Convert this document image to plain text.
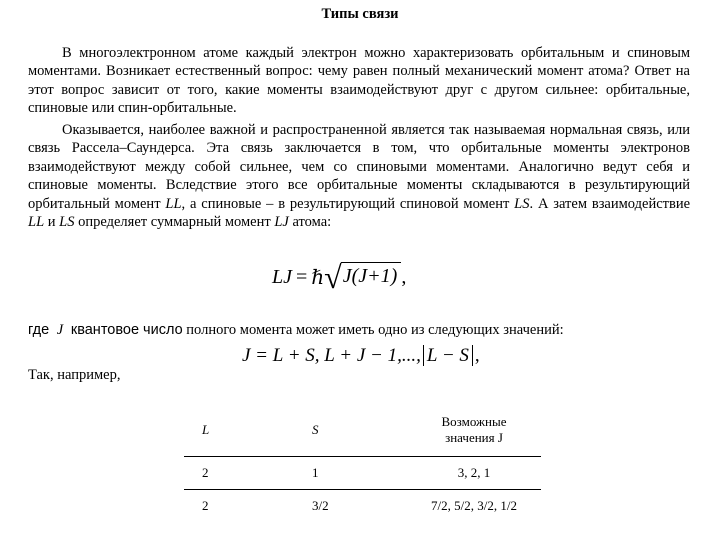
Типы связи
В многоэлектронном атоме каждый электрон можно характеризовать орбитальным и спиновым моментами. Возникает естественный вопрос: чему равен полный механический момент атома? Ответ на этот вопрос зависит от того, какие моменты взаимодействуют друг с другом сильнее: орбитальные, спиновые или спин-орбитальные.
Оказывается, наиболее важной и распространенной является так называемая нормальная связь, или связь Рассела–Саундерса. Эта связь заключается в том, что орбитальные моменты электронов взаимодействуют между собой сильнее, чем со спиновыми моментами. Аналогично ведут себя и спиновые моменты. Вследствие этого все орбитальные моменты складываются в результирующий орбитальный момент LL, а спиновые – в результирующий спиновой момент LS. А затем взаимодействие LL и LS определяет суммарный момент LJ атома:
LJ = ℏ √ J(J+1) ,
где J квантовое число полного момента может иметь одно из следующих значений:
J = L + S, L + J − 1,..., L − S ,
Так, например,
L	S	Возможные
значения J

2	1	3, 2, 1
2	3/2	7/2, 5/2, 3/2, 1/2
